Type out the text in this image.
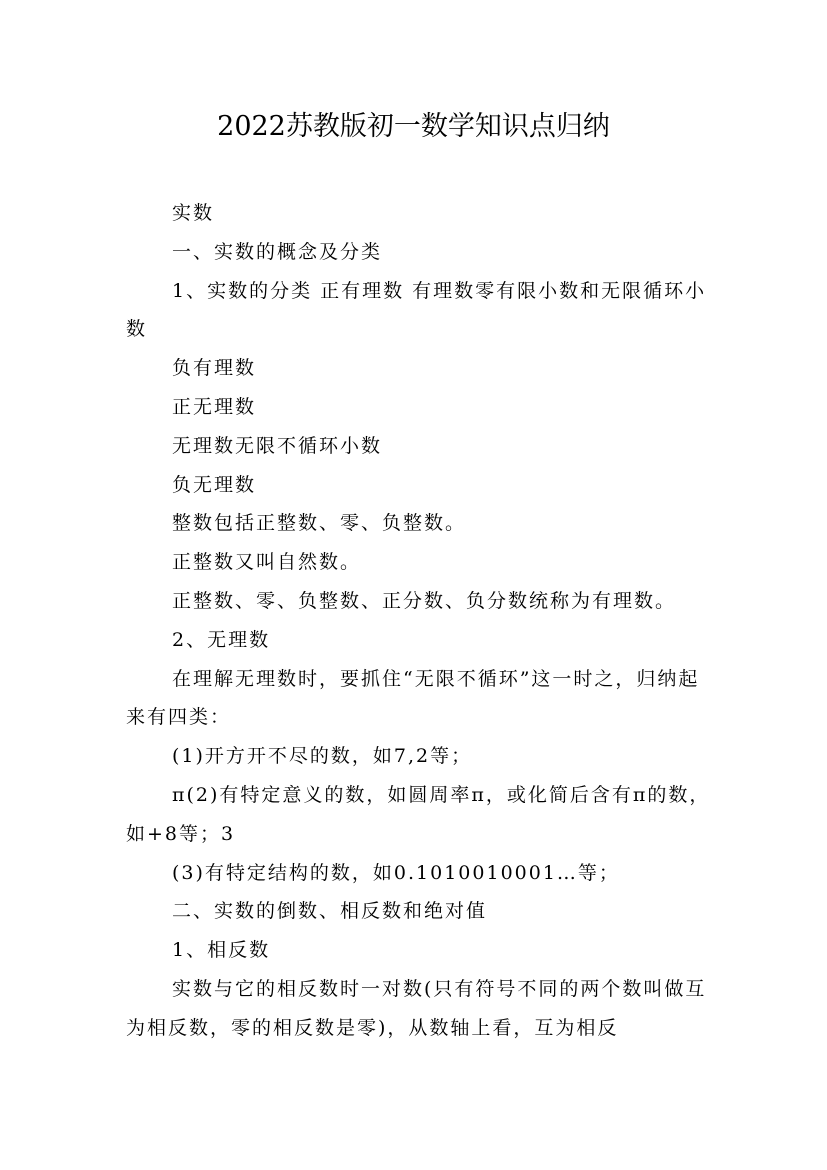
2022苏教版初一数学知识点归纳

实数

一、实数的概念及分类

1、实数的分类 正有理数 有理数零有限小数和无限循环小数

负有理数

正无理数

无理数无限不循环小数

负无理数

整数包括正整数、零、负整数。

正整数又叫自然数。

正整数、零、负整数、正分数、负分数统称为有理数。

2、无理数

在理解无理数时，要抓住“无限不循环”这一时之，归纳起来有四类：

(1)开方开不尽的数，如7,2等；

π(2)有特定意义的数，如圆周率π，或化简后含有π的数，如+8等；3

(3)有特定结构的数，如0.1010010001…等；

二、实数的倒数、相反数和绝对值

1、相反数

实数与它的相反数时一对数(只有符号不同的两个数叫做互为相反数，零的相反数是零)，从数轴上看，互为相反
